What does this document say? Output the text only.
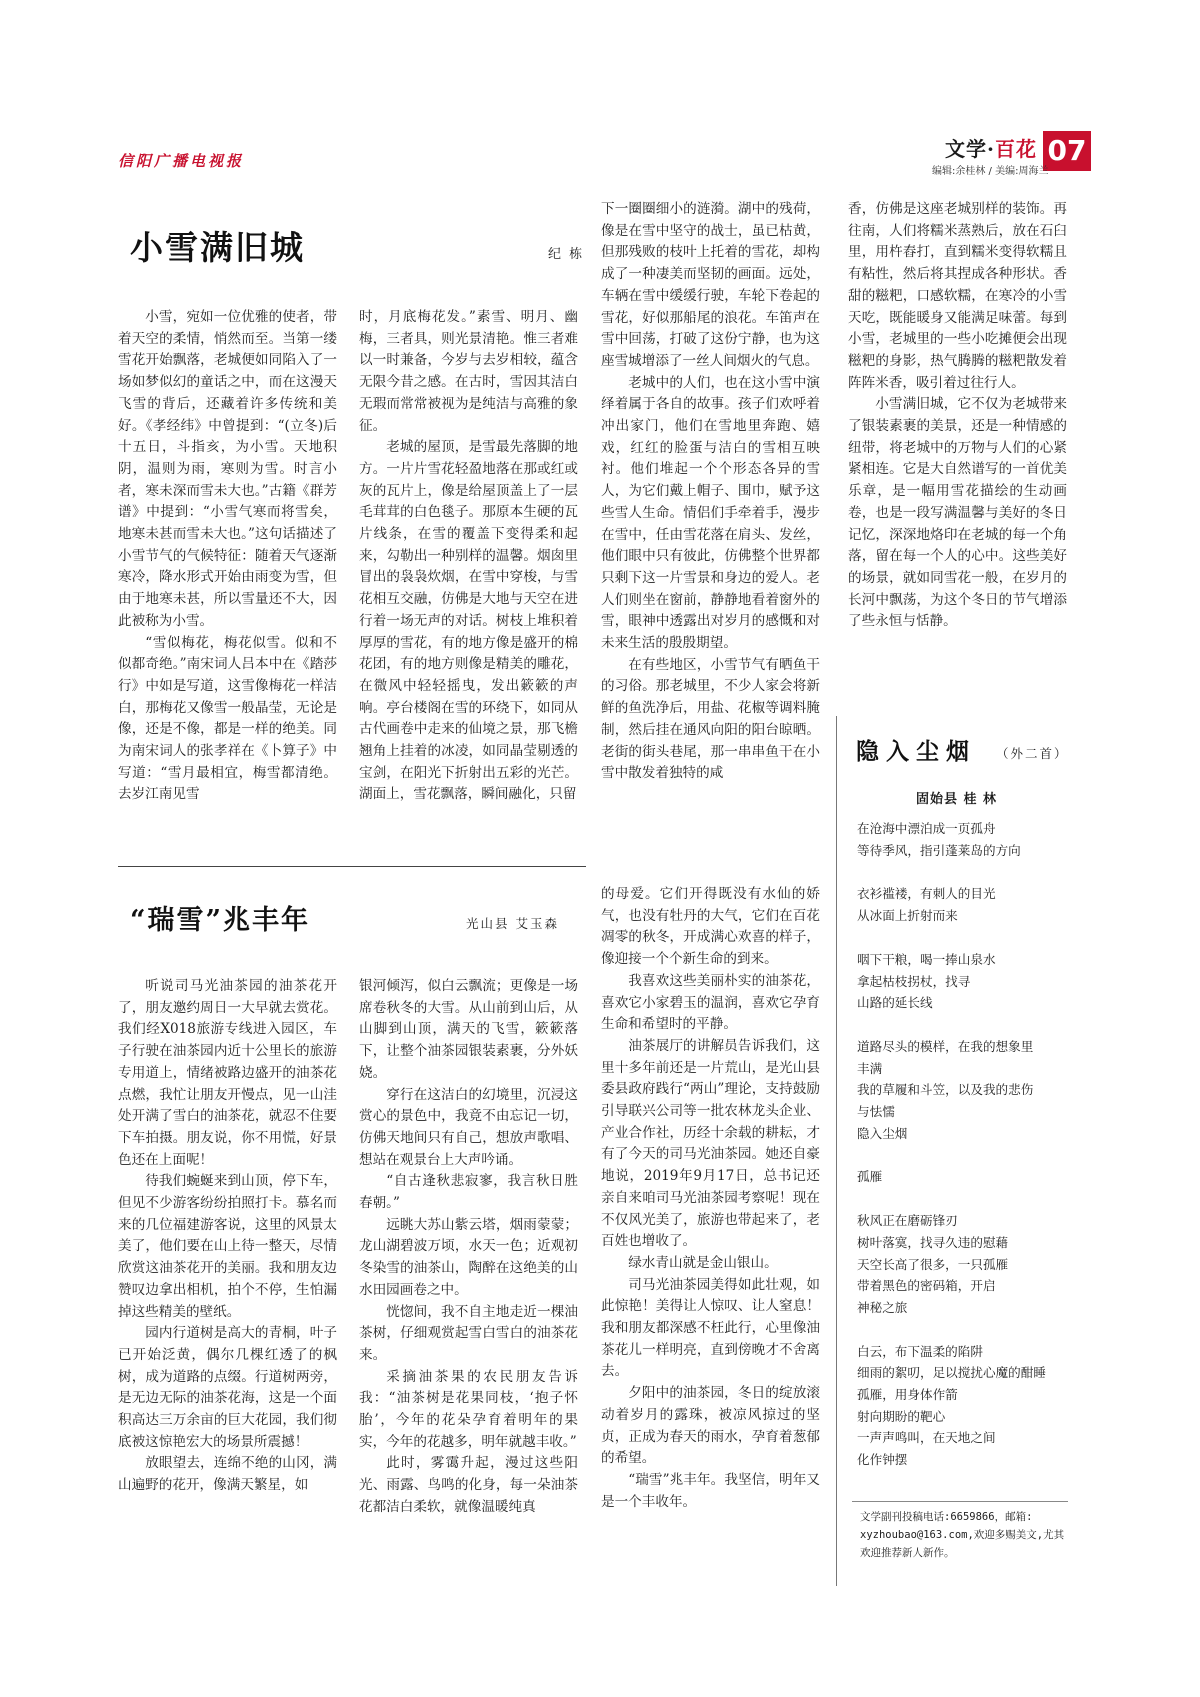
信阳广播电视报	文学·百花 07
编辑:余桂林 / 美编:周海兰
小雪满旧城	纪 栋

小雪，宛如一位优雅的使者，带着天空的柔情，悄然而至。当第一缕雪花开始飘落，老城便如同陷入了一场如梦似幻的童话之中，而在这漫天飞雪的背后，还藏着许多传统和美好。《孝经纬》中曾提到：“(立冬)后十五日，斗指亥，为小雪。天地积阴，温则为雨，寒则为雪。时言小者，寒未深而雪未大也。”古籍《群芳谱》中提到：“小雪气寒而将雪矣，地寒未甚而雪未大也。”这句话描述了小雪节气的气候特征：随着天气逐渐寒冷，降水形式开始由雨变为雪，但由于地寒未甚，所以雪量还不大，因此被称为小雪。

“雪似梅花，梅花似雪。似和不似都奇绝。”南宋词人吕本中在《踏莎行》中如是写道，这雪像梅花一样洁白，那梅花又像雪一般晶莹，无论是像，还是不像，都是一样的绝美。同为南宋词人的张孝祥在《卜算子》中写道：“雪月最相宜，梅雪都清绝。去岁江南见雪

时，月底梅花发。”素雪、明月、幽梅，三者具，则光景清艳。惟三者难以一时兼备，今岁与去岁相较，蕴含无限今昔之感。在古时，雪因其洁白无瑕而常常被视为是纯洁与高雅的象征。

老城的屋顶，是雪最先落脚的地方。一片片雪花轻盈地落在那或红或灰的瓦片上，像是给屋顶盖上了一层毛茸茸的白色毯子。那原本生硬的瓦片线条，在雪的覆盖下变得柔和起来，勾勒出一种别样的温馨。烟囱里冒出的袅袅炊烟，在雪中穿梭，与雪花相互交融，仿佛是大地与天空在进行着一场无声的对话。树枝上堆积着厚厚的雪花，有的地方像是盛开的棉花团，有的地方则像是精美的雕花，在微风中轻轻摇曳，发出簌簌的声响。亭台楼阁在雪的环绕下，如同从古代画卷中走来的仙境之景，那飞檐翘角上挂着的冰凌，如同晶莹剔透的宝剑，在阳光下折射出五彩的光芒。湖面上，雪花飘落，瞬间融化，只留

下一圈圈细小的涟漪。湖中的残荷，像是在雪中坚守的战士，虽已枯黄，但那残败的枝叶上托着的雪花，却构成了一种凄美而坚韧的画面。远处，车辆在雪中缓缓行驶，车轮下卷起的雪花，好似那船尾的浪花。车笛声在雪中回荡，打破了这份宁静，也为这座雪城增添了一丝人间烟火的气息。

老城中的人们，也在这小雪中演绎着属于各自的故事。孩子们欢呼着冲出家门，他们在雪地里奔跑、嬉戏，红红的脸蛋与洁白的雪相互映衬。他们堆起一个个形态各异的雪人，为它们戴上帽子、围巾，赋予这些雪人生命。情侣们手牵着手，漫步在雪中，任由雪花落在肩头、发丝，他们眼中只有彼此，仿佛整个世界都只剩下这一片雪景和身边的爱人。老人们则坐在窗前，静静地看着窗外的雪，眼神中透露出对岁月的感慨和对未来生活的殷殷期望。

在有些地区，小雪节气有晒鱼干的习俗。那老城里，不少人家会将新鲜的鱼洗净后，用盐、花椒等调料腌制，然后挂在通风向阳的阳台晾晒。老街的街头巷尾，那一串串鱼干在小雪中散发着独特的咸

香，仿佛是这座老城别样的装饰。再往南，人们将糯米蒸熟后，放在石臼里，用杵舂打，直到糯米变得软糯且有粘性，然后将其捏成各种形状。香甜的糍粑，口感软糯，在寒冷的小雪天吃，既能暖身又能满足味蕾。每到小雪，老城里的一些小吃摊便会出现糍粑的身影，热气腾腾的糍粑散发着阵阵米香，吸引着过往行人。

小雪满旧城，它不仅为老城带来了银装素裹的美景，还是一种情感的纽带，将老城中的万物与人们的心紧紧相连。它是大自然谱写的一首优美乐章，是一幅用雪花描绘的生动画卷，也是一段写满温馨与美好的冬日记忆，深深地烙印在老城的每一个角落，留在每一个人的心中。这些美好的场景，就如同雪花一般，在岁月的长河中飘荡，为这个冬日的节气增添了些永恒与恬静。

“瑞雪”兆丰年	光山县 艾玉森

听说司马光油茶园的油茶花开了，朋友邀约周日一大早就去赏花。我们经X018旅游专线进入园区，车子行驶在油茶园内近十公里长的旅游专用道上，情绪被路边盛开的油茶花点燃，我忙让朋友开慢点，见一山洼处开满了雪白的油茶花，就忍不住要下车拍摄。朋友说，你不用慌，好景色还在上面呢！

待我们蜿蜒来到山顶，停下车，但见不少游客纷纷拍照打卡。慕名而来的几位福建游客说，这里的风景太美了，他们要在山上待一整天，尽情欣赏这油茶花开的美丽。我和朋友边赞叹边拿出相机，拍个不停，生怕漏掉这些精美的壁纸。

园内行道树是高大的青桐，叶子已开始泛黄，偶尔几棵红透了的枫树，成为道路的点缀。行道树两旁，是无边无际的油茶花海，这是一个面积高达三万余亩的巨大花园，我们彻底被这惊艳宏大的场景所震撼！

放眼望去，连绵不绝的山冈，满山遍野的花开，像满天繁星，如

银河倾泻，似白云飘流；更像是一场席卷秋冬的大雪。从山前到山后，从山脚到山顶，满天的飞雪，簌簌落下，让整个油茶园银装素裹，分外妖娆。

穿行在这洁白的幻境里，沉浸这赏心的景色中，我竟不由忘记一切，仿佛天地间只有自己，想放声歌唱、想站在观景台上大声吟诵。

“自古逢秋悲寂寥，我言秋日胜春朝。”

远眺大苏山紫云塔，烟雨蒙蒙；龙山湖碧波万顷，水天一色；近观初冬染雪的油茶山，陶醉在这绝美的山水田园画卷之中。

恍惚间，我不自主地走近一棵油茶树，仔细观赏起雪白雪白的油茶花来。

采摘油茶果的农民朋友告诉我：“油茶树是花果同枝，‘抱子怀胎’，今年的花朵孕育着明年的果实，今年的花越多，明年就越丰收。”

此时，雾霭升起，漫过这些阳光、雨露、鸟鸣的化身，每一朵油茶花都洁白柔软，就像温暖纯真

的母爱。它们开得既没有水仙的娇气，也没有牡丹的大气，它们在百花凋零的秋冬，开成满心欢喜的样子，像迎接一个个新生命的到来。

我喜欢这些美丽朴实的油茶花，喜欢它小家碧玉的温润，喜欢它孕育生命和希望时的平静。

油茶展厅的讲解员告诉我们，这里十多年前还是一片荒山，是光山县委县政府践行“两山”理论，支持鼓励引导联兴公司等一批农林龙头企业、产业合作社，历经十余载的耕耘，才有了今天的司马光油茶园。她还自豪地说，2019年9月17日，总书记还亲自来咱司马光油茶园考察呢！现在不仅风光美了，旅游也带起来了，老百姓也增收了。

绿水青山就是金山银山。

司马光油茶园美得如此壮观，如此惊艳！美得让人惊叹、让人窒息！我和朋友都深感不枉此行，心里像油茶花儿一样明亮，直到傍晚才不舍离去。

夕阳中的油茶园，冬日的绽放滚动着岁月的露珠，被凉风掠过的坚贞，正成为春天的雨水，孕育着葱郁的希望。

“瑞雪”兆丰年。我坚信，明年又是一个丰收年。

隐入尘烟 （外二首）
固始县 桂 林
在沧海中漂泊成一页孤舟
等待季风，指引蓬莱岛的方向
衣衫褴褛，有刺人的目光
从冰面上折射而来
咽下干粮，喝一捧山泉水
拿起枯枝拐杖，找寻
山路的延长线
道路尽头的模样，在我的想象里
丰满
我的草履和斗笠，以及我的悲伤
与怯懦
隐入尘烟
孤雁
秋风正在磨砺锋刃
树叶落寞，找寻久违的慰藉
天空长高了很多，一只孤雁
带着黑色的密码箱，开启
神秘之旅
白云，布下温柔的陷阱
细雨的絮叨，足以搅扰心魔的酣睡
孤雁，用身体作箭
射向期盼的靶心
一声声鸣叫，在天地之间
化作钟摆
文学副刊投稿电话:6659866，邮箱:
xyzhoubao@163.com,欢迎多赐美文,尤其
欢迎推荐新人新作。
